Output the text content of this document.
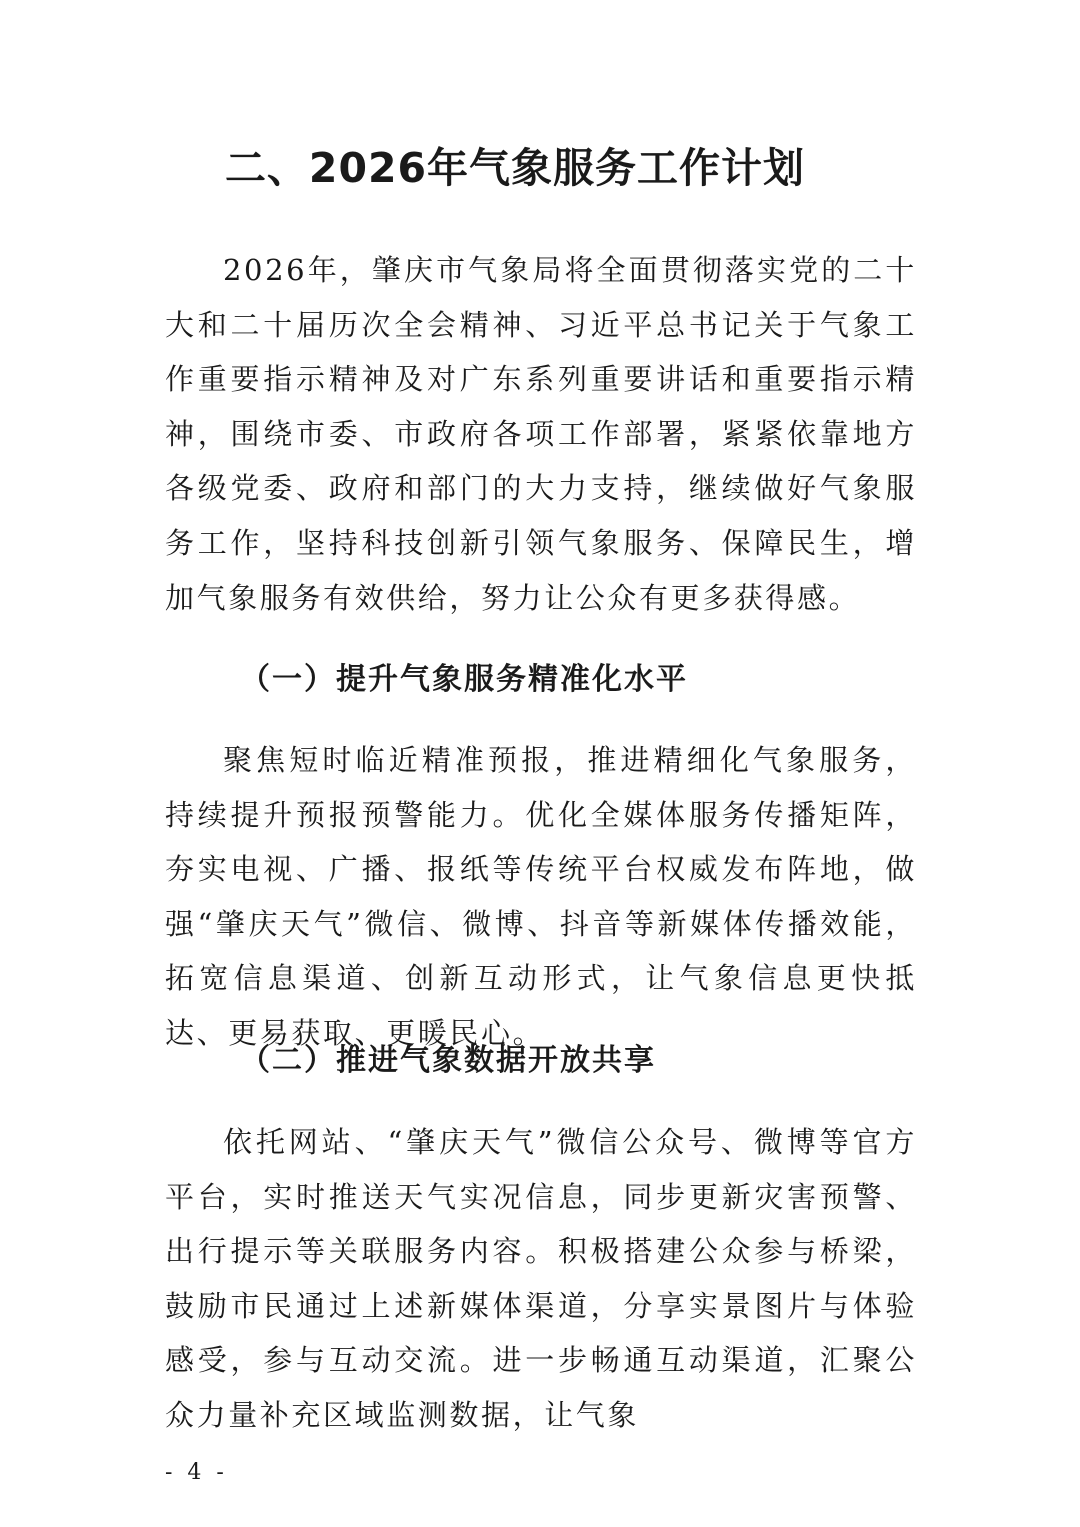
二、2026年气象服务工作计划

2026年，肇庆市气象局将全面贯彻落实党的二十大和二十届历次全会精神、习近平总书记关于气象工作重要指示精神及对广东系列重要讲话和重要指示精神，围绕市委、市政府各项工作部署，紧紧依靠地方各级党委、政府和部门的大力支持，继续做好气象服务工作，坚持科技创新引领气象服务、保障民生，增加气象服务有效供给，努力让公众有更多获得感。

（一）提升气象服务精准化水平

聚焦短时临近精准预报，推进精细化气象服务，持续提升预报预警能力。优化全媒体服务传播矩阵，夯实电视、广播、报纸等传统平台权威发布阵地，做强“肇庆天气”微信、微博、抖音等新媒体传播效能，拓宽信息渠道、创新互动形式，让气象信息更快抵达、更易获取、更暖民心。

（二）推进气象数据开放共享

依托网站、“肇庆天气”微信公众号、微博等官方平台，实时推送天气实况信息，同步更新灾害预警、出行提示等关联服务内容。积极搭建公众参与桥梁，鼓励市民通过上述新媒体渠道，分享实景图片与体验感受，参与互动交流。进一步畅通互动渠道，汇聚公众力量补充区域监测数据，让气象

- 4 -
